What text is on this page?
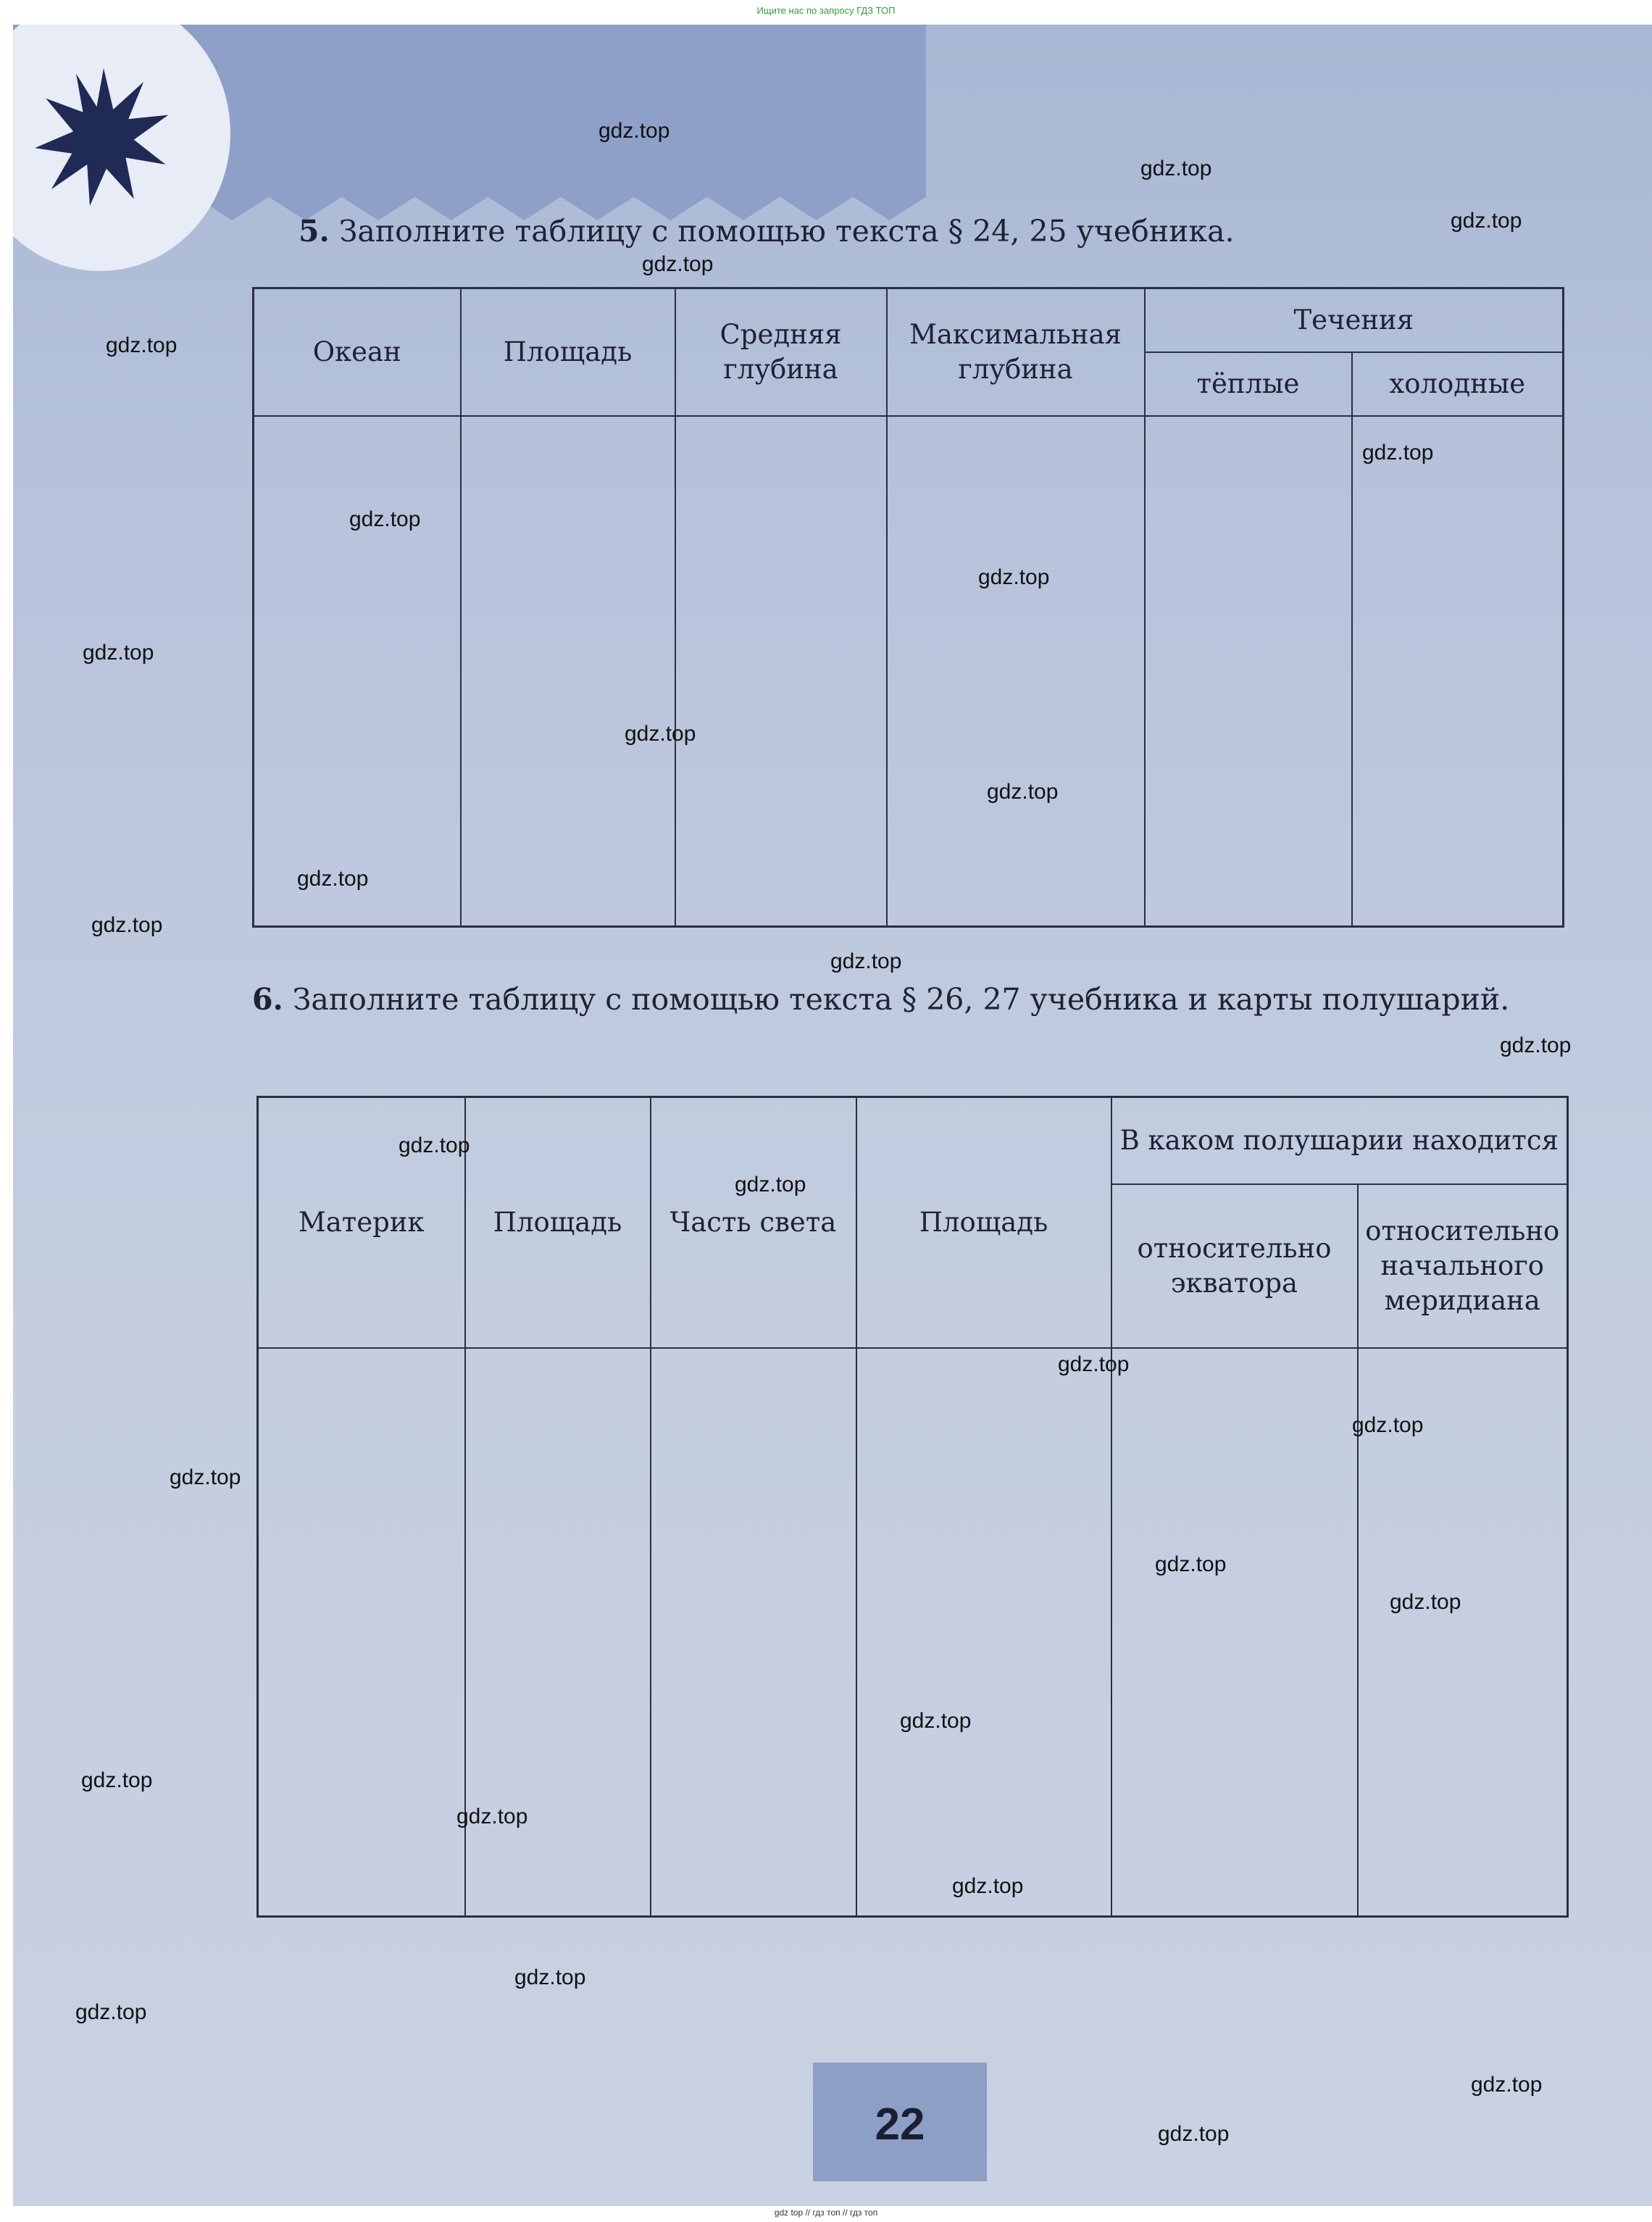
Ищите нас по запросу ГДЗ ТОП

5. Заполните таблицу с помощью текста § 24, 25 учебника.
Океан	Площадь	Средняя глубина	Максимальная глубина	Течения	
				тёплые	холодные

6. Заполните таблицу с помощью текста § 26, 27 учебника и карты полушарий.
Материк	Площадь	Часть света	Площадь	В каком полушарии находится	
				относительно экватора	относительно начального меридиана

22
gdz.top
gdz.top
gdz.top
gdz.top
gdz.top
gdz.top
gdz.top
gdz.top
gdz.top
gdz.top
gdz.top
gdz.top
gdz.top
gdz.top
gdz.top
gdz.top
gdz.top
gdz.top
gdz.top
gdz.top
gdz.top
gdz.top
gdz.top
gdz.top
gdz.top
gdz.top
gdz.top
gdz.top
gdz.top
gdz.top
gdz top // гдз топ // гдз топ
